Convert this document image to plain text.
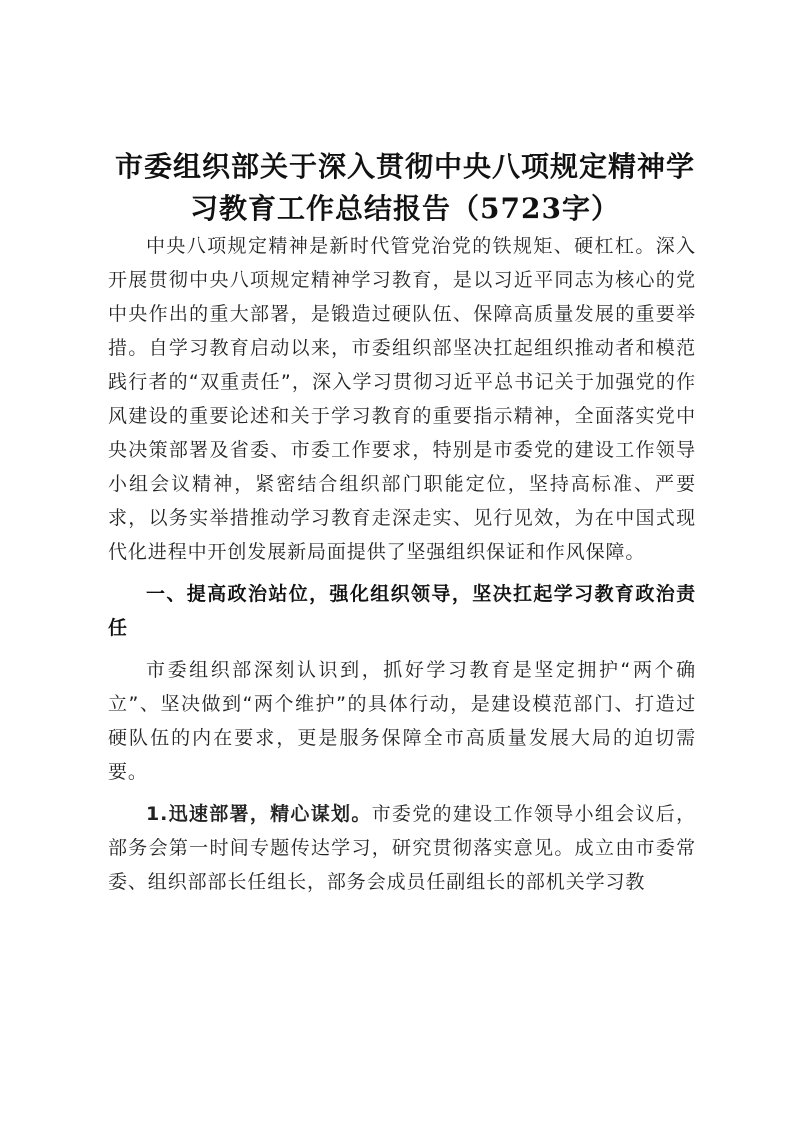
市委组织部关于深入贯彻中央八项规定精神学
习教育工作总结报告（5723字）

中央八项规定精神是新时代管党治党的铁规矩、硬杠杠。深入开展贯彻中央八项规定精神学习教育，是以习近平同志为核心的党中央作出的重大部署，是锻造过硬队伍、保障高质量发展的重要举措。自学习教育启动以来，市委组织部坚决扛起组织推动者和模范践行者的“双重责任”，深入学习贯彻习近平总书记关于加强党的作风建设的重要论述和关于学习教育的重要指示精神，全面落实党中央决策部署及省委、市委工作要求，特别是市委党的建设工作领导小组会议精神，紧密结合组织部门职能定位，坚持高标准、严要求，以务实举措推动学习教育走深走实、见行见效，为在中国式现代化进程中开创发展新局面提供了坚强组织保证和作风保障。

一、提高政治站位，强化组织领导，坚决扛起学习教育政治责任

市委组织部深刻认识到，抓好学习教育是坚定拥护“两个确立”、坚决做到“两个维护”的具体行动，是建设模范部门、打造过硬队伍的内在要求，更是服务保障全市高质量发展大局的迫切需要。

1.迅速部署，精心谋划。市委党的建设工作领导小组会议后，部务会第一时间专题传达学习，研究贯彻落实意见。成立由市委常委、组织部部长任组长，部务会成员任副组长的部机关学习教
